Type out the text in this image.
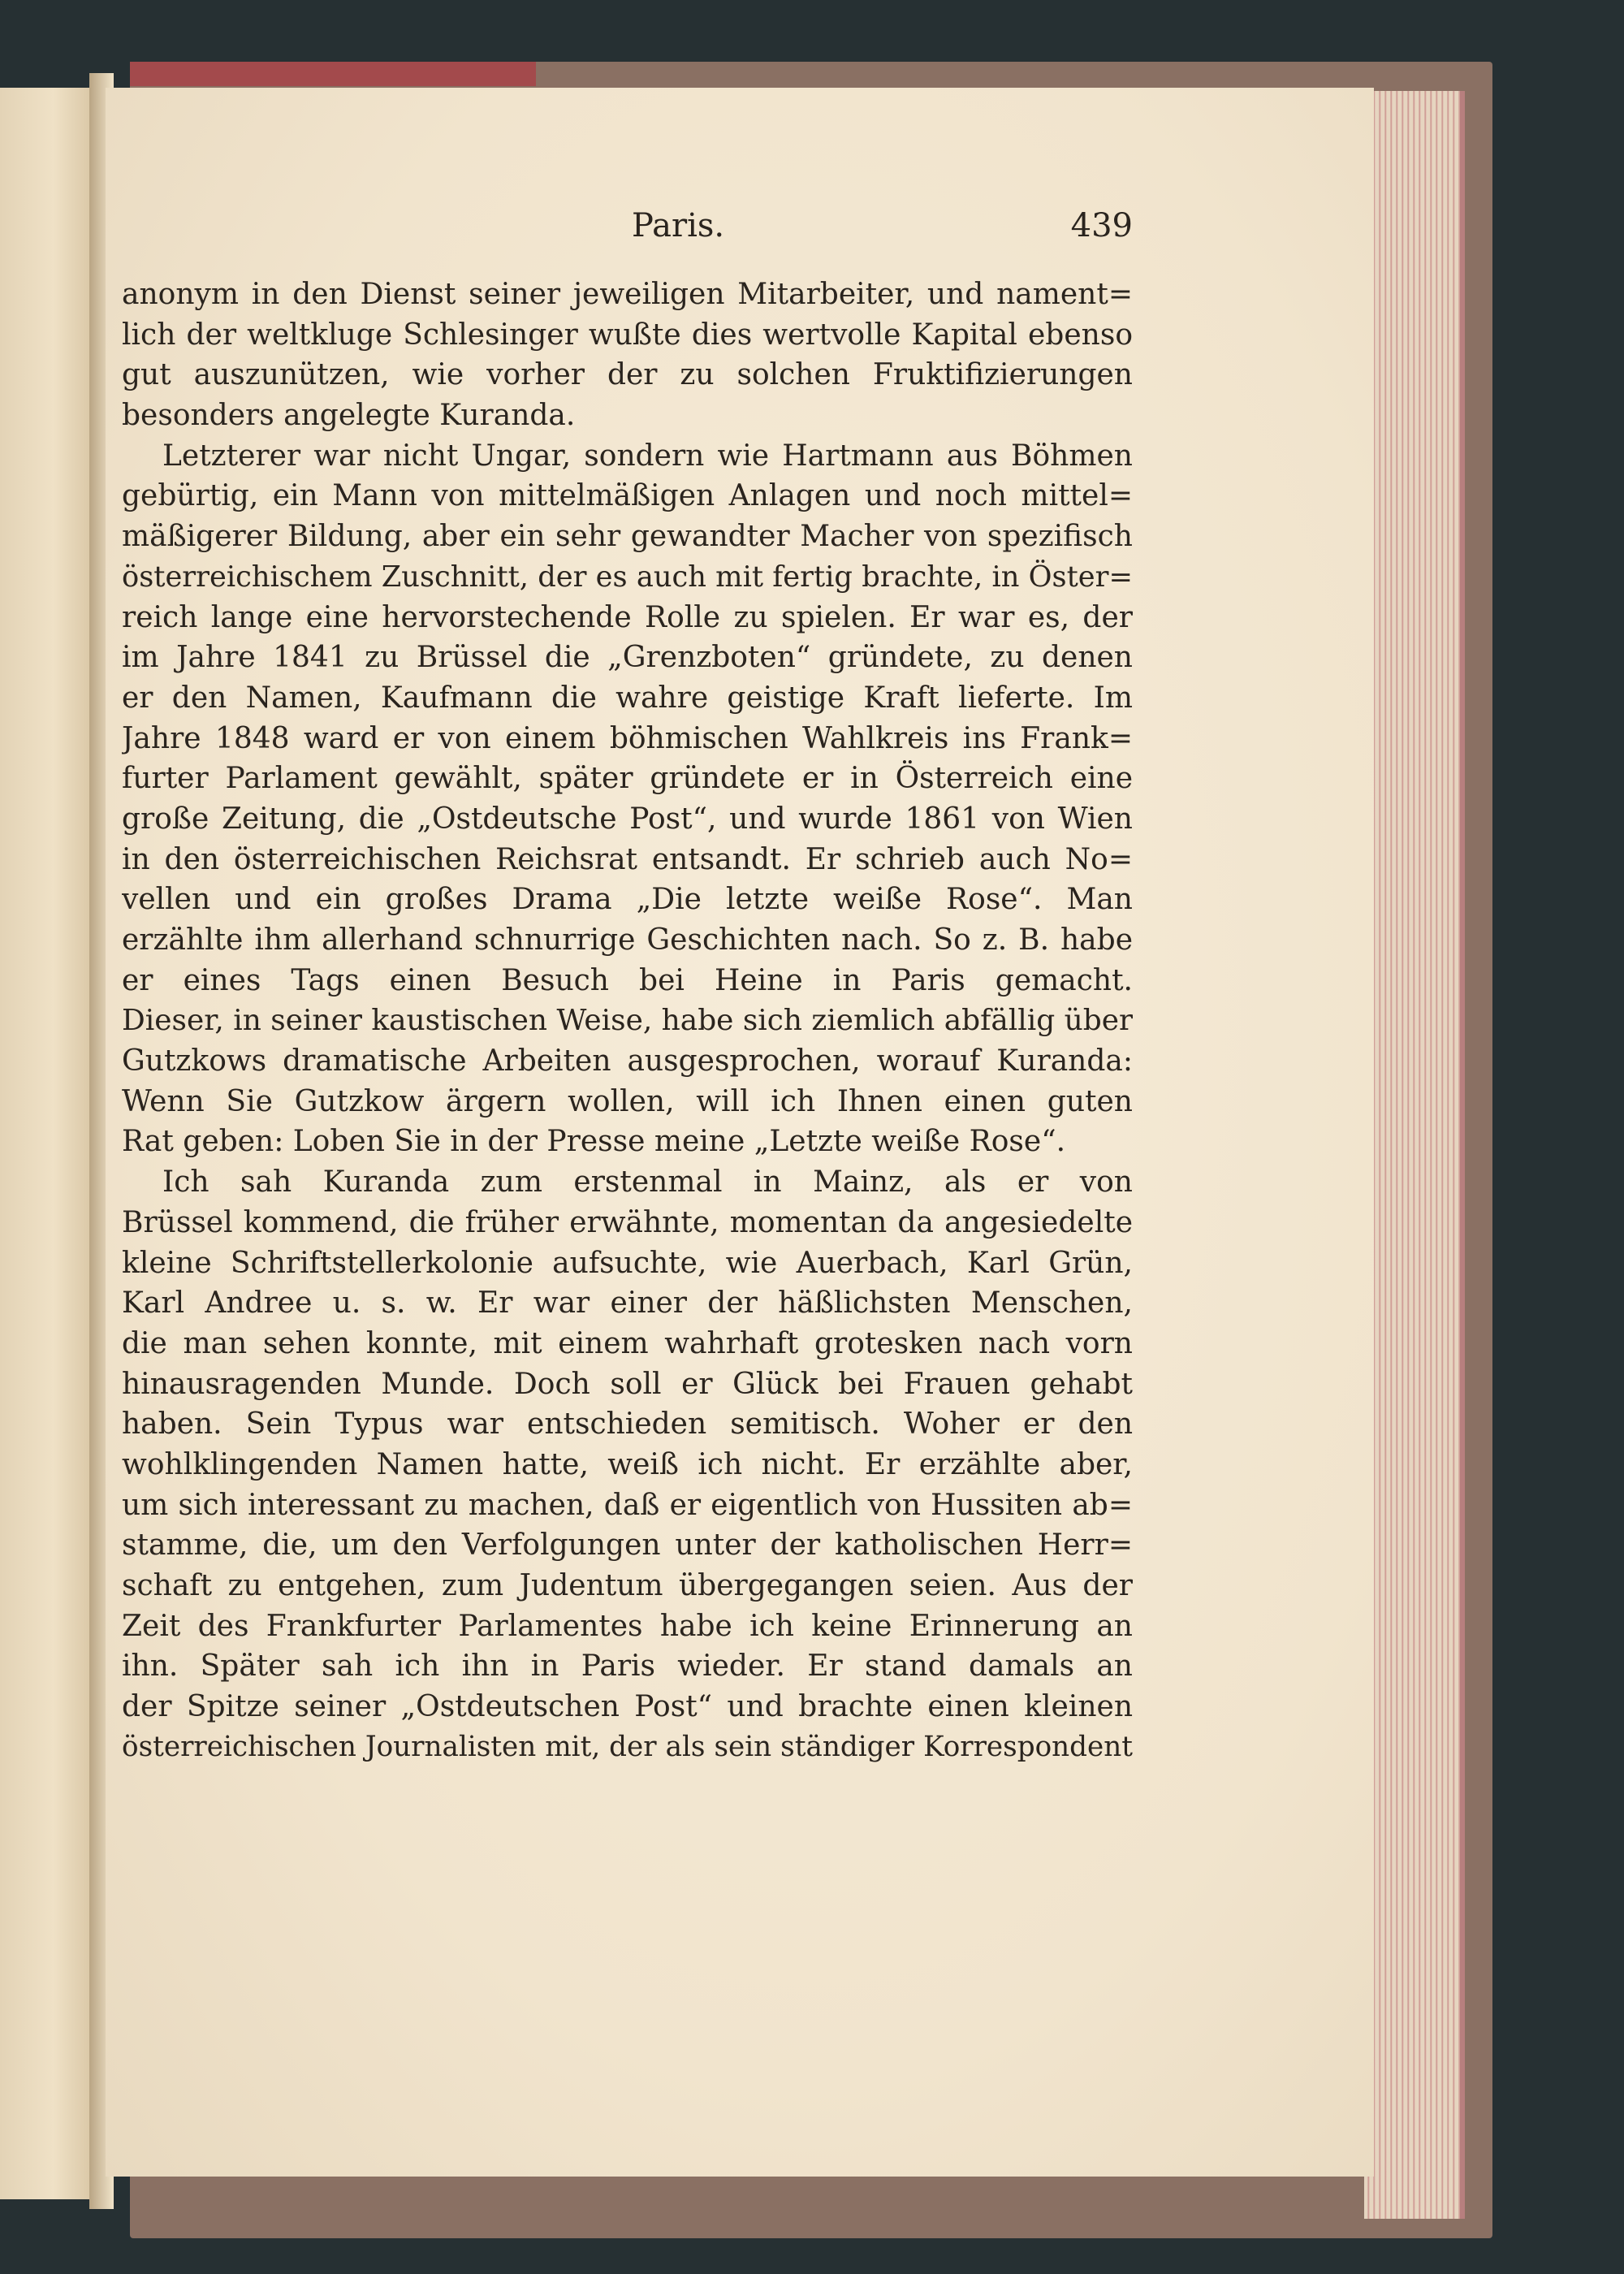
Paris.	439
anonym in den Dienst seiner jeweiligen Mitarbeiter, und nament=
lich der weltkluge Schlesinger wußte dies wertvolle Kapital ebenso
gut auszunützen, wie vorher der zu solchen Fruktifizierungen
besonders angelegte Kuranda.
Letzterer war nicht Ungar, sondern wie Hartmann aus Böhmen
gebürtig, ein Mann von mittelmäßigen Anlagen und noch mittel=
mäßigerer Bildung, aber ein sehr gewandter Macher von spezifisch
österreichischem Zuschnitt, der es auch mit fertig brachte, in Öster=
reich lange eine hervorstechende Rolle zu spielen. Er war es, der
im Jahre 1841 zu Brüssel die „Grenzboten“ gründete, zu denen
er den Namen, Kaufmann die wahre geistige Kraft lieferte. Im
Jahre 1848 ward er von einem böhmischen Wahlkreis ins Frank=
furter Parlament gewählt, später gründete er in Österreich eine
große Zeitung, die „Ostdeutsche Post“, und wurde 1861 von Wien
in den österreichischen Reichsrat entsandt. Er schrieb auch No=
vellen und ein großes Drama „Die letzte weiße Rose“. Man
erzählte ihm allerhand schnurrige Geschichten nach. So z. B. habe
er eines Tags einen Besuch bei Heine in Paris gemacht.
Dieser, in seiner kaustischen Weise, habe sich ziemlich abfällig über
Gutzkows dramatische Arbeiten ausgesprochen, worauf Kuranda:
Wenn Sie Gutzkow ärgern wollen, will ich Ihnen einen guten
Rat geben: Loben Sie in der Presse meine „Letzte weiße Rose“.
Ich sah Kuranda zum erstenmal in Mainz, als er von
Brüssel kommend, die früher erwähnte, momentan da angesiedelte
kleine Schriftstellerkolonie aufsuchte, wie Auerbach, Karl Grün,
Karl Andree u. s. w. Er war einer der häßlichsten Menschen,
die man sehen konnte, mit einem wahrhaft grotesken nach vorn
hinausragenden Munde. Doch soll er Glück bei Frauen gehabt
haben. Sein Typus war entschieden semitisch. Woher er den
wohlklingenden Namen hatte, weiß ich nicht. Er erzählte aber,
um sich interessant zu machen, daß er eigentlich von Hussiten ab=
stamme, die, um den Verfolgungen unter der katholischen Herr=
schaft zu entgehen, zum Judentum übergegangen seien. Aus der
Zeit des Frankfurter Parlamentes habe ich keine Erinnerung an
ihn. Später sah ich ihn in Paris wieder. Er stand damals an
der Spitze seiner „Ostdeutschen Post“ und brachte einen kleinen
österreichischen Journalisten mit, der als sein ständiger Korrespondent
